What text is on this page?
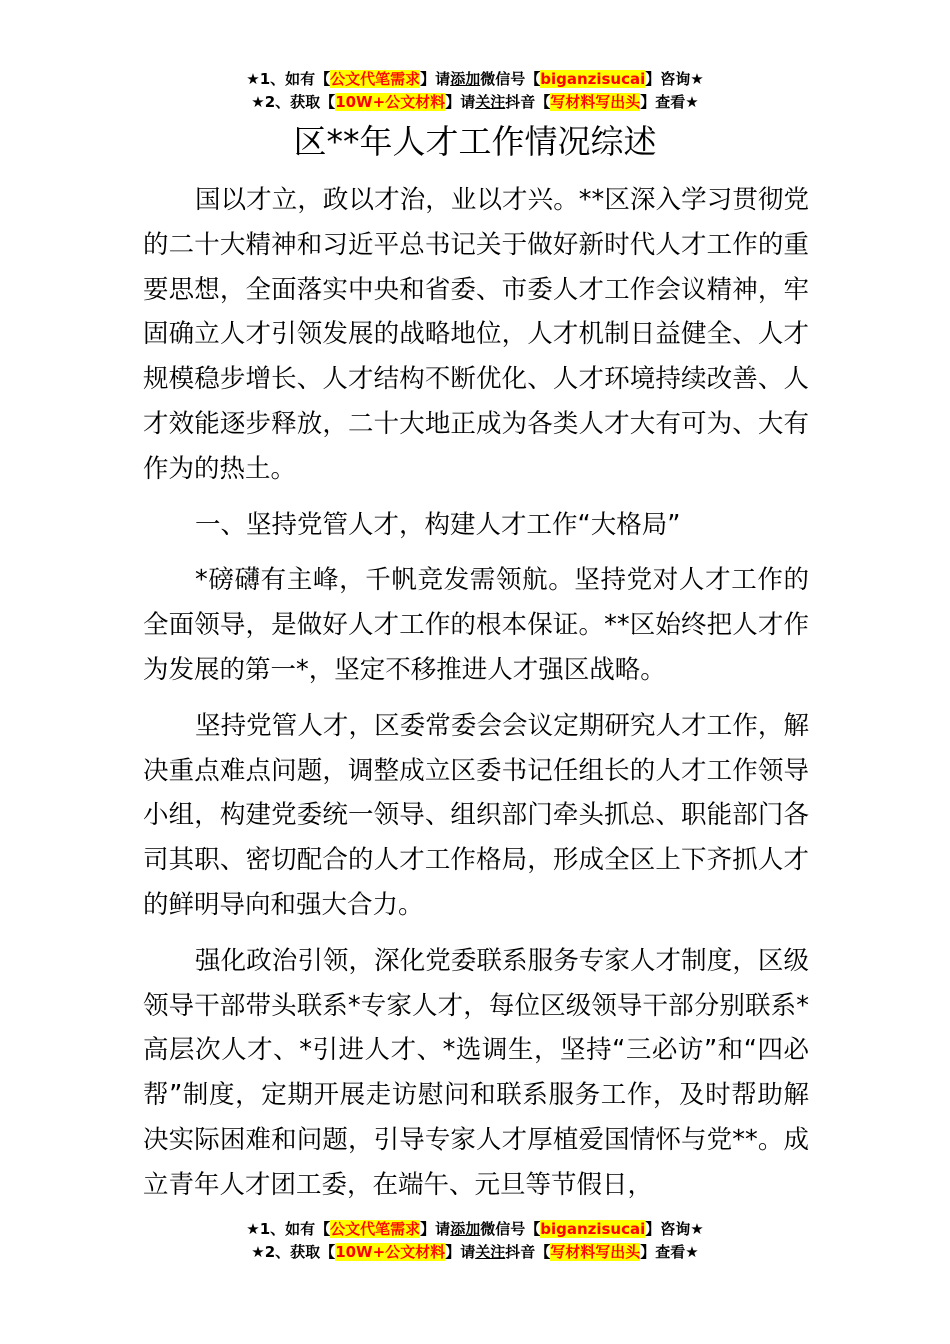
★1、如有【公文代笔需求】请添加微信号【biganzisucai】咨询★
★2、获取【10W+公文材料】请关注抖音【写材料写出头】查看★
区**年人才工作情况综述

国以才立，政以才治，业以才兴。**区深入学习贯彻党的二十大精神和习近平总书记关于做好新时代人才工作的重要思想，全面落实中央和省委、市委人才工作会议精神，牢固确立人才引领发展的战略地位，人才机制日益健全、人才规模稳步增长、人才结构不断优化、人才环境持续改善、人才效能逐步释放，二十大地正成为各类人才大有可为、大有作为的热土。

一、坚持党管人才，构建人才工作“大格局”

*磅礴有主峰，千帆竞发需领航。坚持党对人才工作的全面领导，是做好人才工作的根本保证。**区始终把人才作为发展的第一*，坚定不移推进人才强区战略。

坚持党管人才，区委常委会会议定期研究人才工作，解决重点难点问题，调整成立区委书记任组长的人才工作领导小组，构建党委统一领导、组织部门牵头抓总、职能部门各司其职、密切配合的人才工作格局，形成全区上下齐抓人才的鲜明导向和强大合力。

强化政治引领，深化党委联系服务专家人才制度，区级领导干部带头联系*专家人才，每位区级领导干部分别联系*高层次人才、*引进人才、*选调生，坚持“三必访”和“四必帮”制度，定期开展走访慰问和联系服务工作，及时帮助解决实际困难和问题，引导专家人才厚植爱国情怀与党**。成立青年人才团工委，在端午、元旦等节假日，

★1、如有【公文代笔需求】请添加微信号【biganzisucai】咨询★
★2、获取【10W+公文材料】请关注抖音【写材料写出头】查看★
